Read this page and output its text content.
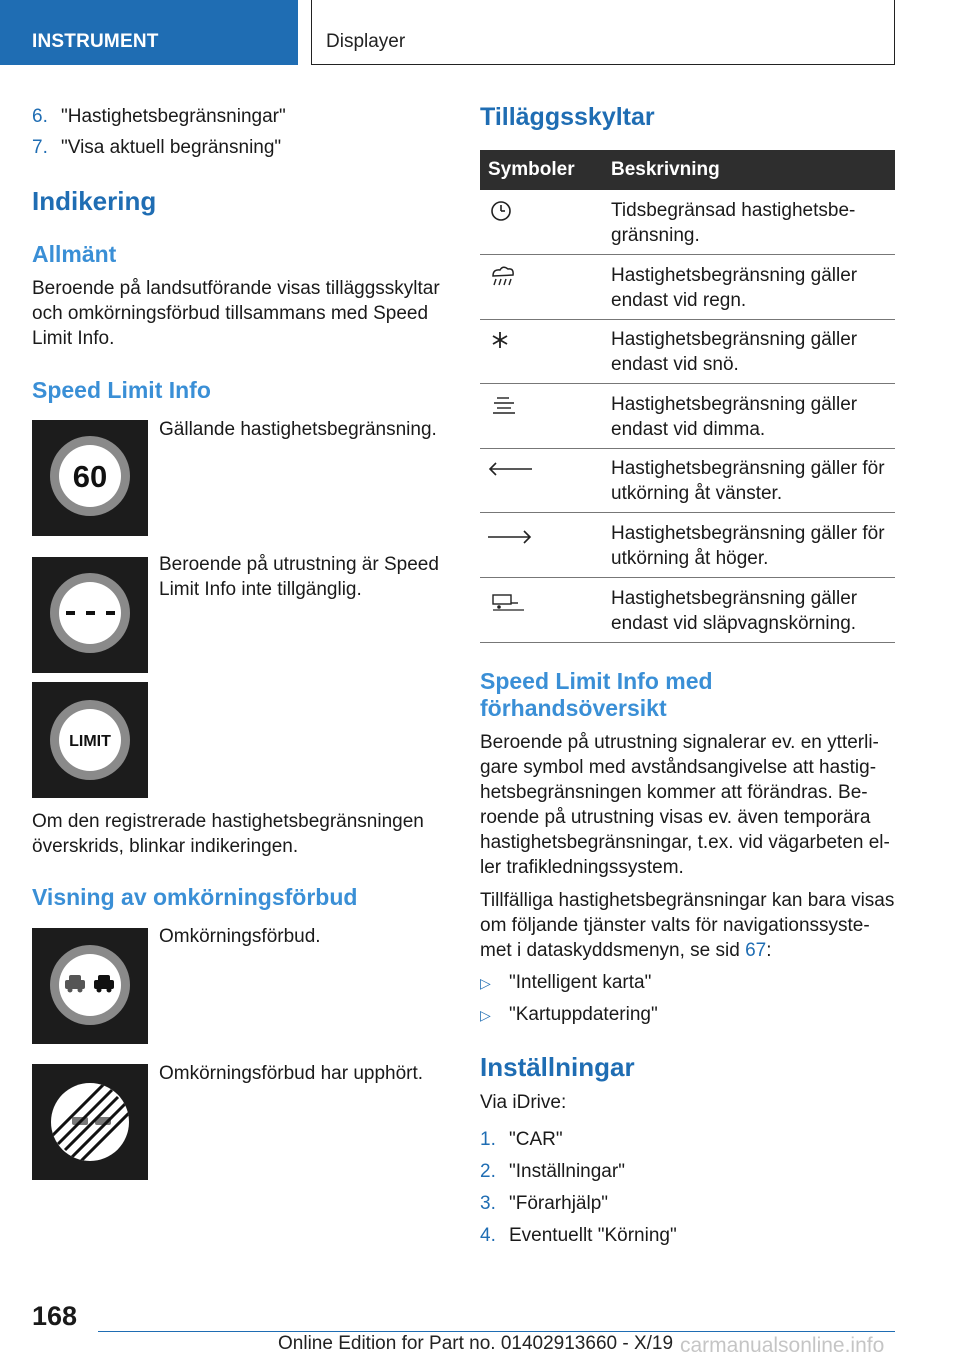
INSTRUMENT	Displayer
6. "Hastighetsbegränsningar"
7. "Visa aktuell begränsning"
Indikering
Allmänt
Beroende på landsutförande visas tilläggsskyltar och omkörningsförbud tillsammans med Speed Limit Info.
Speed Limit Info
60
Gällande hastighetsbegränsning.
Beroende på utrustning är Speed Limit Info inte tillgänglig.
LIMIT
Om den registrerade hastighetsbegränsningen överskrids, blinkar indikeringen.
Visning av omkörningsförbud
Omkörningsförbud.
Omkörningsförbud har upphört.
Tilläggsskyltar
Symboler Beskrivning
Tidsbegränsad hastighetsbe-gränsning.
Hastighetsbegränsning gäller endast vid regn.
Hastighetsbegränsning gäller endast vid snö.
Hastighetsbegränsning gäller endast vid dimma.
Hastighetsbegränsning gäller för utkörning åt vänster.
Hastighetsbegränsning gäller för utkörning åt höger.
Hastighetsbegränsning gäller endast vid släpvagnskörning.
Speed Limit Info med förhandsöversikt
Beroende på utrustning signalerar ev. en ytterli-gare symbol med avståndsangivelse att hastig-hetsbegränsningen kommer att förändras. Be-roende på utrustning visas ev. även temporära hastighetsbegränsningar, t.ex. vid vägarbeten el-ler trafikledningssystem.
Tillfälliga hastighetsbegränsningar kan bara visas om följande tjänster valts för navigationssyste-met i dataskyddsmenyn, se sid 67:
▷ "Intelligent karta"
▷ "Kartuppdatering"
Inställningar
Via iDrive:
1. "CAR"
2. "Inställningar"
3. "Förarhjälp"
4. Eventuellt "Körning"
168
Online Edition for Part no. 01402913660 - X/19 carmanualsonline.info
